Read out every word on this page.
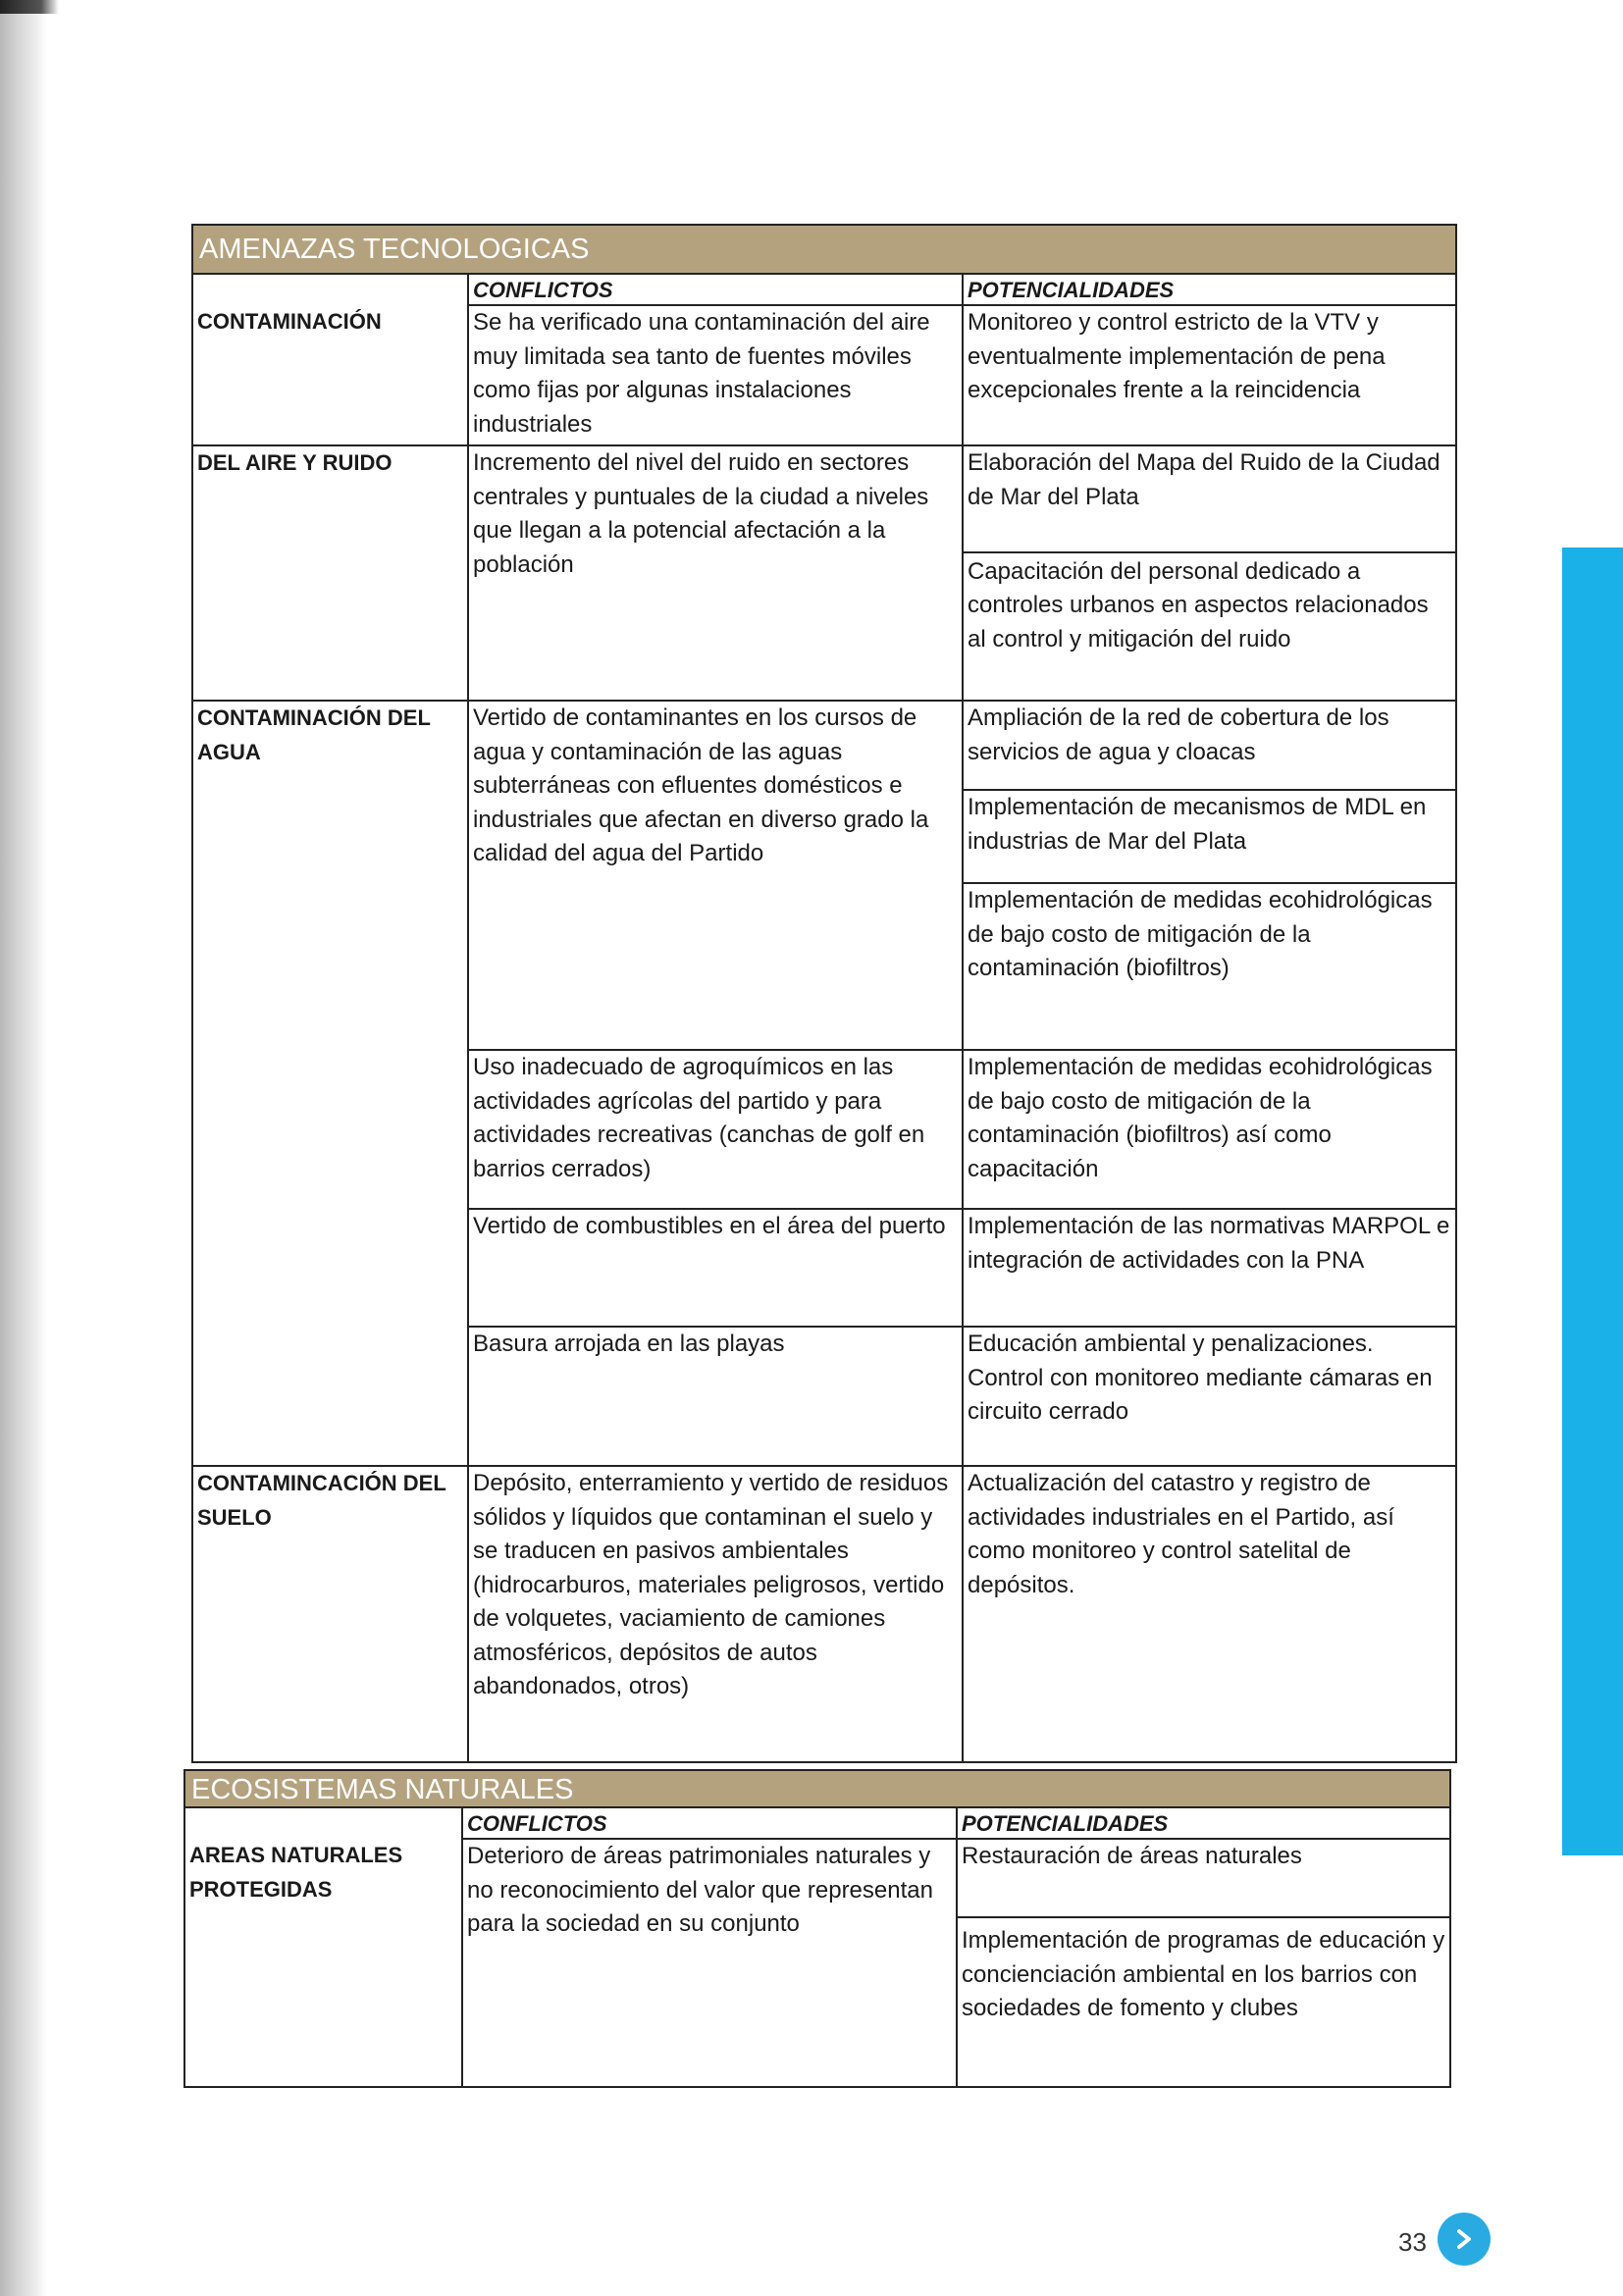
AMENAZAS TECNOLOGICAS		
	CONFLICTOS	POTENCIALIDADES
CONTAMINACIÓN	Se ha verificado una contaminación del aire muy limitada sea tanto de fuentes móviles como fijas por algunas instalaciones industriales	Monitoreo y control estricto de la VTV y eventualmente implementación de pena excepcionales frente a la reincidencia
DEL AIRE Y RUIDO	Incremento del nivel del ruido en sectores centrales y puntuales de la ciudad a niveles que llegan a la potencial afectación a la población	Elaboración del Mapa del Ruido de la Ciudad de Mar del Plata
		Capacitación del personal dedicado a controles urbanos en aspectos relacionados al control y mitigación del ruido
CONTAMINACIÓN DEL AGUA	Vertido de contaminantes en los cursos de agua y contaminación de las aguas subterráneas con efluentes domésticos e industriales que afectan en diverso grado la calidad del agua del Partido	Ampliación de la red de cobertura de los servicios de agua y cloacas
		Implementación de mecanismos de MDL en industrias de Mar del Plata
		Implementación de medidas ecohidrológicas de bajo costo de mitigación de la contaminación (biofiltros)
	Uso inadecuado de agroquímicos en las actividades agrícolas del partido y para actividades recreativas (canchas de golf en barrios cerrados)	Implementación de medidas ecohidrológicas de bajo costo de mitigación de la contaminación (biofiltros) así como capacitación
	Vertido de combustibles en el área del puerto	Implementación de las normativas MARPOL e integración de actividades con la PNA
	Basura arrojada en las playas	Educación ambiental y penalizaciones. Control con monitoreo mediante cámaras en circuito cerrado
CONTAMINCACIÓN DEL SUELO	Depósito, enterramiento y vertido de residuos sólidos y líquidos que contaminan el suelo y se traducen en pasivos ambientales (hidrocarburos, materiales peligrosos, vertido de volquetes, vaciamiento de camiones atmosféricos, depósitos de autos abandonados, otros)	Actualización del catastro y registro de actividades industriales en el Partido, así como monitoreo y control satelital de depósitos.
ECOSISTEMAS NATURALES		
	CONFLICTOS	POTENCIALIDADES
AREAS NATURALES PROTEGIDAS	Deterioro de áreas patrimoniales naturales y no reconocimiento del valor que representan para la sociedad en su conjunto	Restauración de áreas naturales
		Implementación de programas de educación y concienciación ambiental en los barrios con sociedades de fomento y clubes
33
